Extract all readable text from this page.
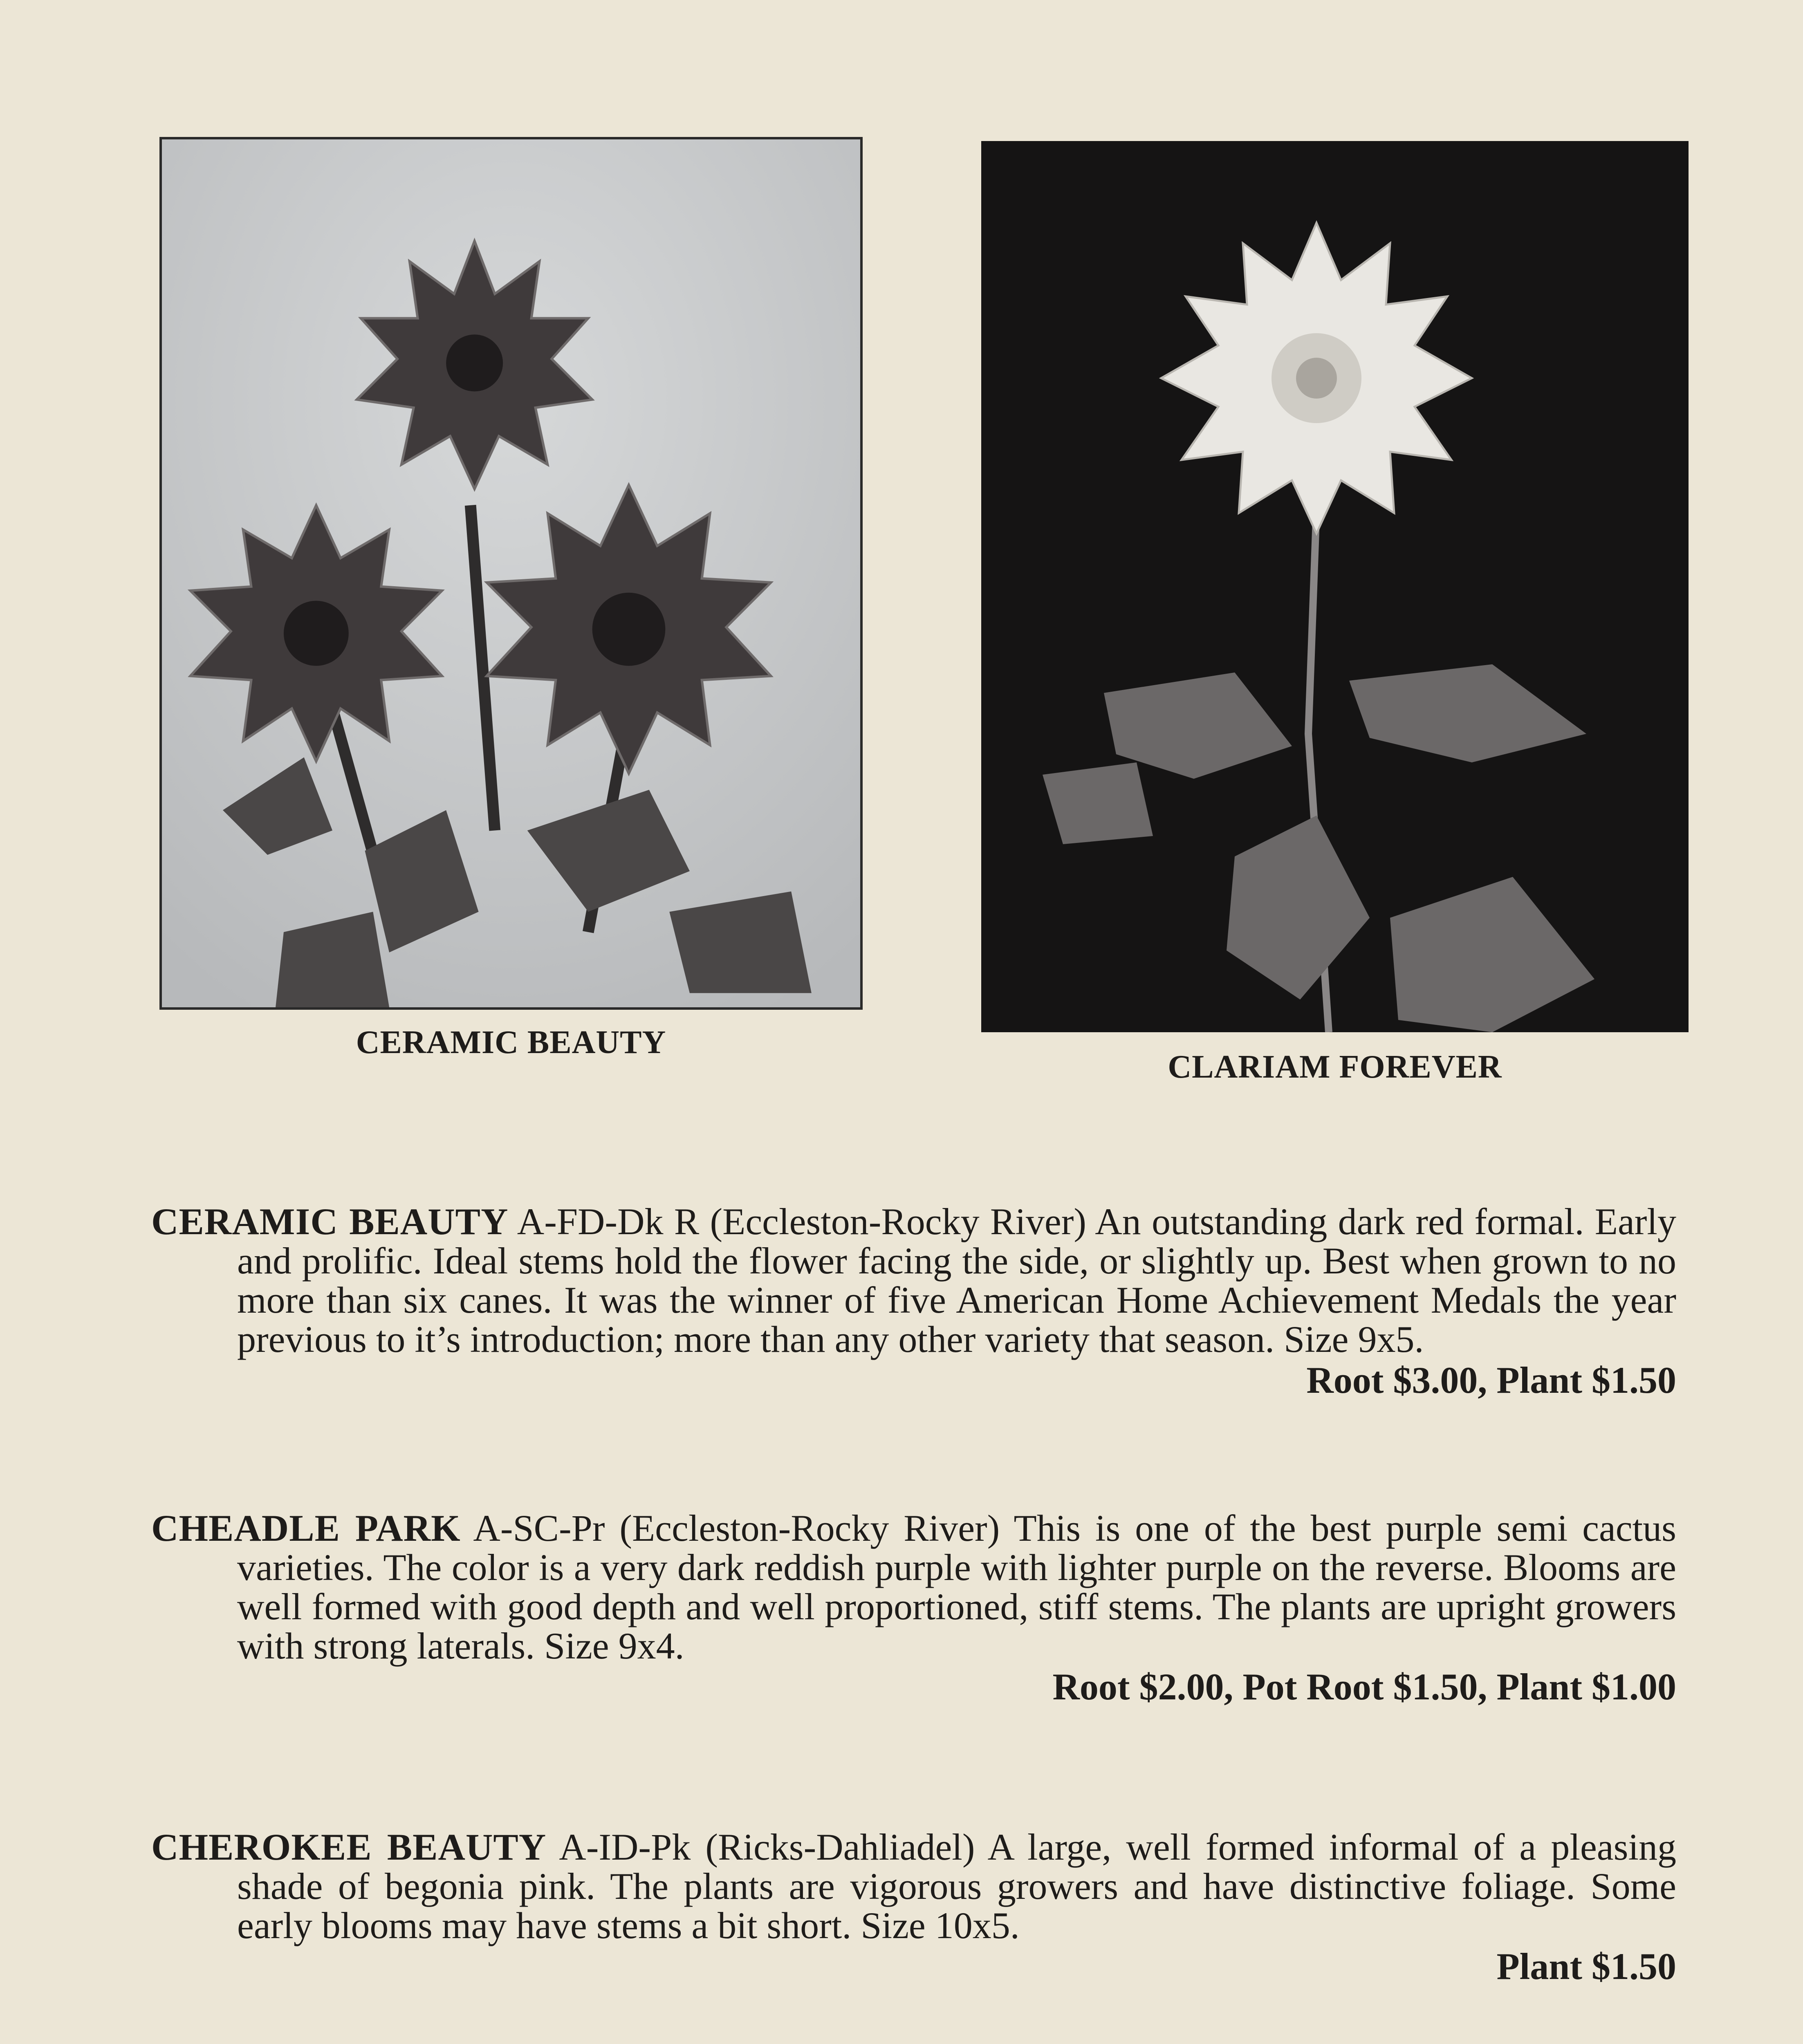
CERAMIC BEAUTY
CLARIAM FOREVER

CERAMIC BEAUTY A-FD-Dk R (Eccleston-Rocky River) An outstanding dark red formal. Early and prolific. Ideal stems hold the flower facing the side, or slightly up. Best when grown to no more than six canes. It was the winner of five American Home Achievement Medals the year previous to it’s introduction; more than any other variety that season. Size 9x5.

Root $3.00, Plant $1.50

CHEADLE PARK A-SC-Pr (Eccleston-Rocky River) This is one of the best purple semi cactus varieties. The color is a very dark reddish purple with lighter purple on the reverse. Blooms are well formed with good depth and well proportioned, stiff stems. The plants are upright growers with strong laterals. Size 9x4.

Root $2.00, Pot Root $1.50, Plant $1.00

CHEROKEE BEAUTY A-ID-Pk (Ricks-Dahliadel) A large, well formed informal of a pleasing shade of begonia pink. The plants are vigorous growers and have distinctive foliage. Some early blooms may have stems a bit short. Size 10x5.

Plant $1.50
